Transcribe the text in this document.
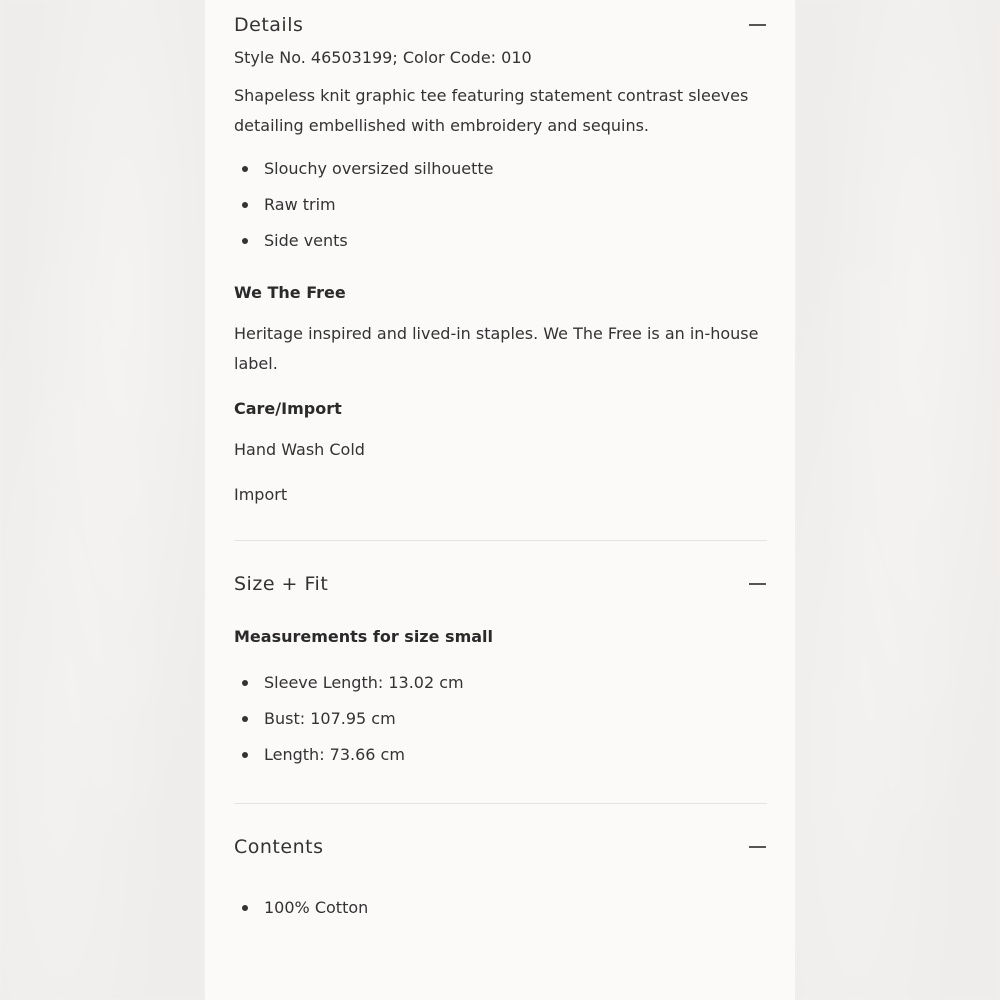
Details

Style No. 46503199; Color Code: 010

Shapeless knit graphic tee featuring statement contrast sleeves detailing embellished with embroidery and sequins.

Slouchy oversized silhouette
Raw trim
Side vents

We The Free

Heritage inspired and lived-in staples. We The Free is an in-house label.

Care/Import

Hand Wash Cold

Import

Size + Fit

Measurements for size small

Sleeve Length: 13.02 cm
Bust: 107.95 cm
Length: 73.66 cm
Contents
100% Cotton
